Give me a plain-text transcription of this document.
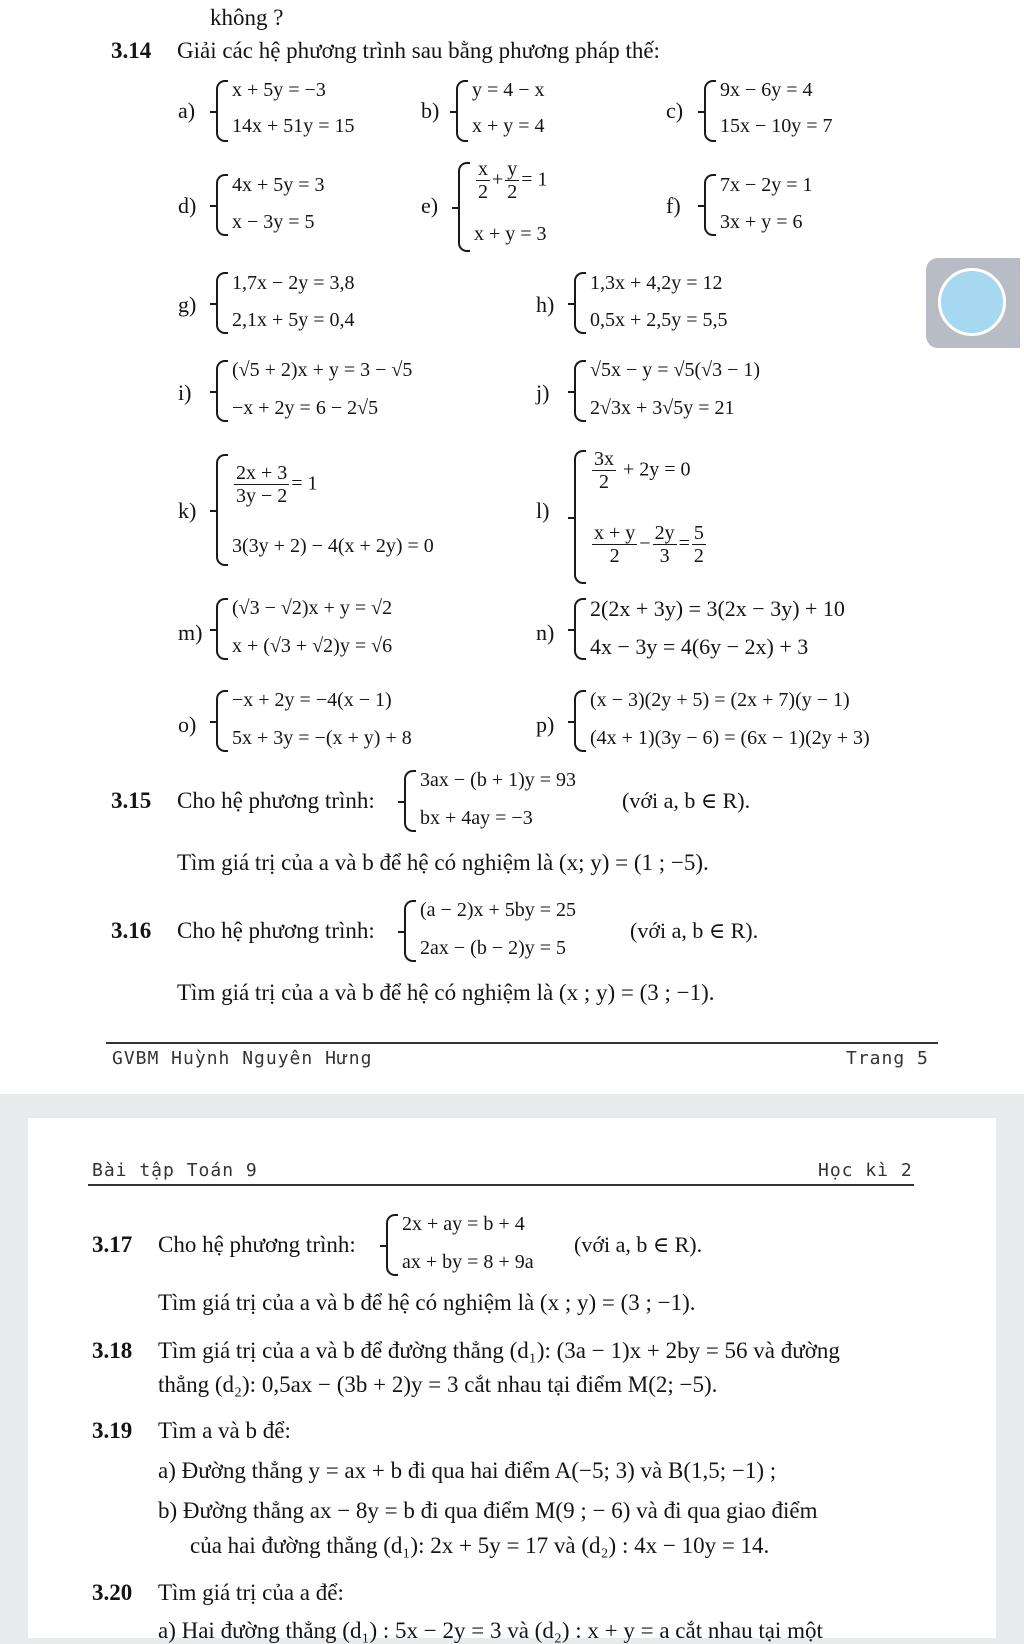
không ?
3.14 Giải các hệ phương trình sau bằng phương pháp thế:
a)
x + 5y = −3
14x + 51y = 15
b)
y = 4 − x
x + y = 4
c)
9x − 6y = 4
15x − 10y = 7
d)
4x + 5y = 3
x − 3y = 5
e)
$\frac{x}{2} + \frac{y}{2} = 1$
x + y = 3
f)
7x − 2y = 1
3x + y = 6
g)
1,7x − 2y = 3,8
2,1x + 5y = 0,4
h)
1,3x + 4,2y = 12
0,5x + 2,5y = 5,5
i)
(√5 + 2)x + y = 3 − √5
−x + 2y = 6 − 2√5
j)
√5x − y = √5(√3 − 1)
2√3x + 3√5y = 21
k)
$\frac{2x + 3}{3y - 2} = 1$
3(3y + 2) − 4(x + 2y) = 0
l)
$\frac{3x}{2} + 2y = 0$
$\frac{x + y}{2} - \frac{2y}{3} = \frac{5}{2}$
m)
(√3 − √2)x + y = √2
x + (√3 + √2)y = √6
n)
2(2x + 3y) = 3(2x − 3y) + 10
4x − 3y = 4(6y − 2x) + 3
o)
−x + 2y = −4(x − 1)
5x + 3y = −(x + y) + 8
p)
(x − 3)(2y + 5) = (2x + 7)(y − 1)
(4x + 1)(3y − 6) = (6x − 1)(2y + 3)
3.15 Cho hệ phương trình:
3ax − (b + 1)y = 93
bx + 4ay = −3
(với a, b ∈ R).
Tìm giá trị của a và b để hệ có nghiệm là (x; y) = (1 ; −5).
3.16 Cho hệ phương trình:
(a − 2)x + 5by = 25
2ax − (b − 2)y = 5
(với a, b ∈ R).
Tìm giá trị của a và b để hệ có nghiệm là (x ; y) = (3 ; −1).
GVBM Huỳnh Nguyên Hưng	Trang 5
Bài tập Toán 9	Học kì 2
3.17 Cho hệ phương trình:
2x + ay = b + 4
ax + by = 8 + 9a
(với a, b ∈ R).
Tìm giá trị của a và b để hệ có nghiệm là (x ; y) = (3 ; −1).
3.18 Tìm giá trị của a và b để đường thẳng (d₁): (3a − 1)x + 2by = 56 và đường
thẳng (d₂): 0,5ax − (3b + 2)y = 3 cắt nhau tại điểm M(2; −5).
3.19 Tìm a và b để:
a) Đường thẳng y = ax + b đi qua hai điểm A(−5; 3) và B(1,5; −1) ;
b) Đường thẳng ax − 8y = b đi qua điểm M(9 ; − 6) và đi qua giao điểm
của hai đường thẳng (d₁): 2x + 5y = 17 và (d₂) : 4x − 10y = 14.
3.20 Tìm giá trị của a để:
a) Hai đường thẳng (d₁) : 5x − 2y = 3 và (d₂) : x + y = a cắt nhau tại một
